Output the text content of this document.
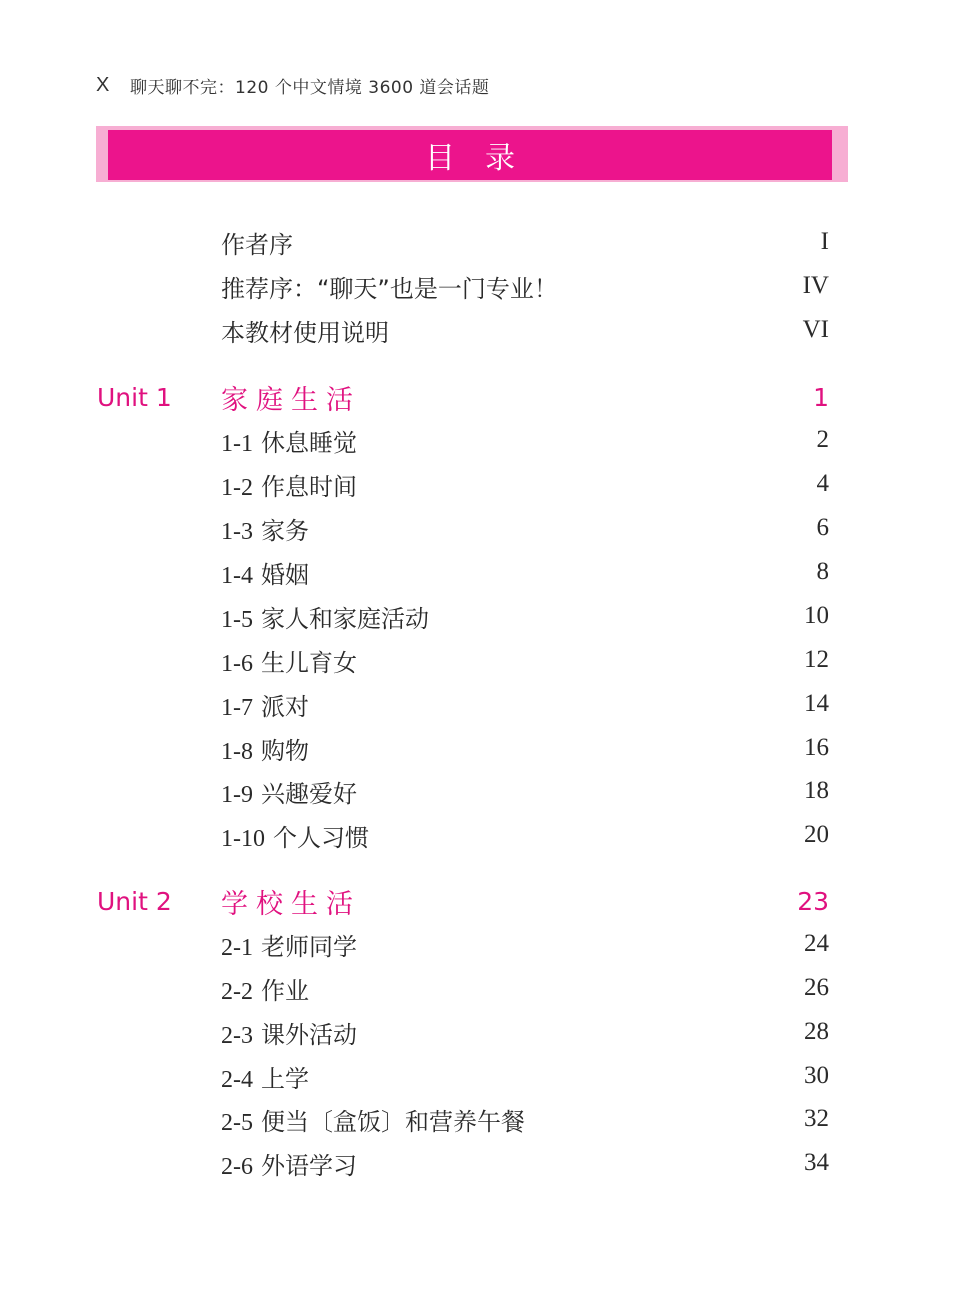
X	聊天聊不完：120 个中文情境 3600 道会话题
目录
作者序	I
推荐序：“聊天”也是一门专业！	IV
本教材使用说明	VI
Unit 1 家庭生活	1
1-1 休息睡觉	2
1-2 作息时间	4
1-3 家务	6
1-4 婚姻	8
1-5 家人和家庭活动	10
1-6 生儿育女	12
1-7 派对	14
1-8 购物	16
1-9 兴趣爱好	18
1-10 个人习惯	20
Unit 2 学校生活	23
2-1 老师同学	24
2-2 作业	26
2-3 课外活动	28
2-4 上学	30
2-5 便当〔盒饭〕和营养午餐	32
2-6 外语学习	34
